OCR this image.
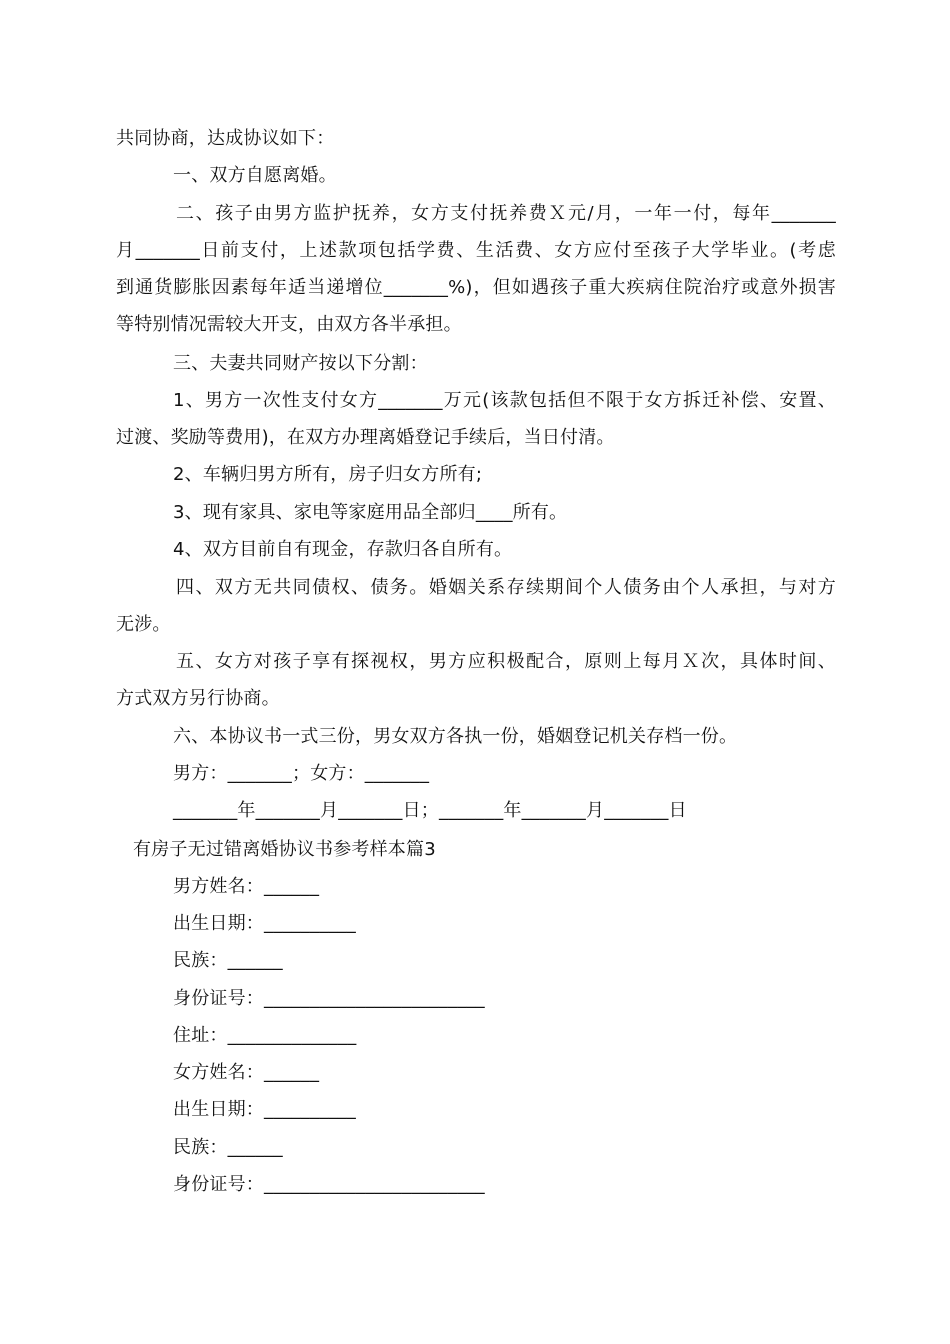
共同协商，达成协议如下：
一、双方自愿离婚。
二、孩子由男方监护抚养，女方支付抚养费Ｘ元/月，一年一付，每年_______
月_______日前支付，上述款项包括学费、生活费、女方应付至孩子大学毕业。(考虑
到通货膨胀因素每年适当递增位_______%)，但如遇孩子重大疾病住院治疗或意外损害
等特别情况需较大开支，由双方各半承担。
三、夫妻共同财产按以下分割：
1、男方一次性支付女方_______万元(该款包括但不限于女方拆迁补偿、安置、
过渡、奖励等费用)，在双方办理离婚登记手续后，当日付清。
2、车辆归男方所有，房子归女方所有;
3、现有家具、家电等家庭用品全部归____所有。
4、双方目前自有现金，存款归各自所有。
四、双方无共同债权、债务。婚姻关系存续期间个人债务由个人承担，与对方
无涉。
五、女方对孩子享有探视权，男方应积极配合，原则上每月Ｘ次，具体时间、
方式双方另行协商。
六、本协议书一式三份，男女双方各执一份，婚姻登记机关存档一份。
男方：_______；女方：_______
_______年_______月_______日；_______年_______月_______日
有房子无过错离婚协议书参考样本篇3
男方姓名：______
出生日期：__________
民族：______
身份证号：________________________
住址：______________
女方姓名：______
出生日期：__________
民族：______
身份证号：________________________
